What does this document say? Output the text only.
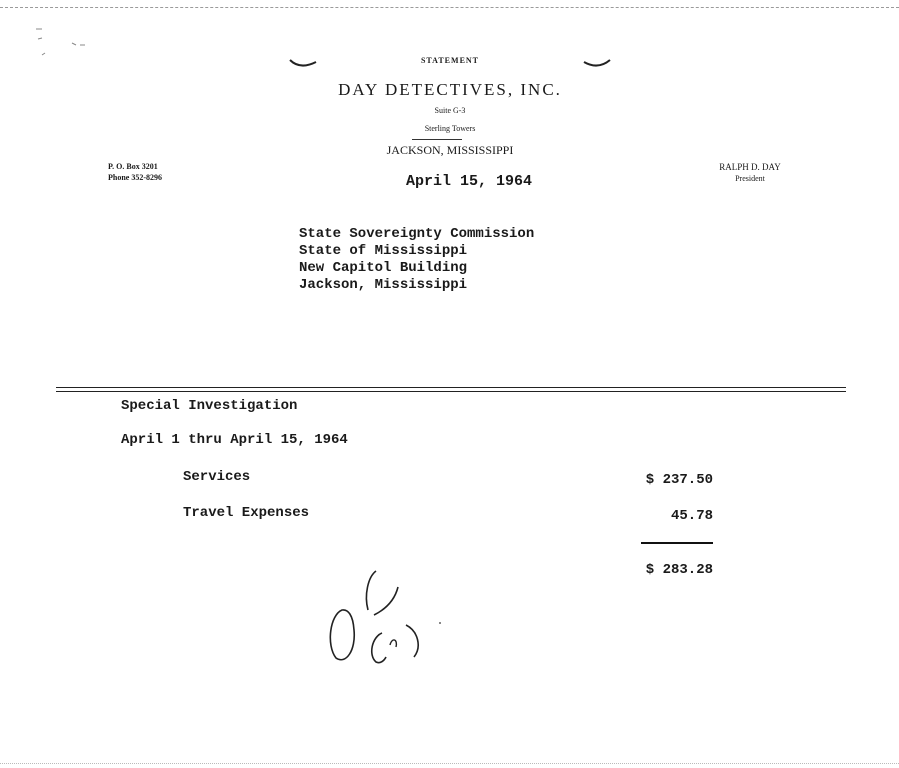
STATEMENT
DAY DETECTIVES, INC.
Suite G-3
Sterling Towers
JACKSON, MISSISSIPPI
P. O. Box 3201
Phone 352-8296
RALPH D. DAY
President
April 15, 1964
State Sovereignty Commission
State of Mississippi
New Capitol Building
Jackson, Mississippi
Special Investigation
April 1 thru April 15, 1964
Services	$ 237.50
Travel Expenses	45.78
$ 283.28
